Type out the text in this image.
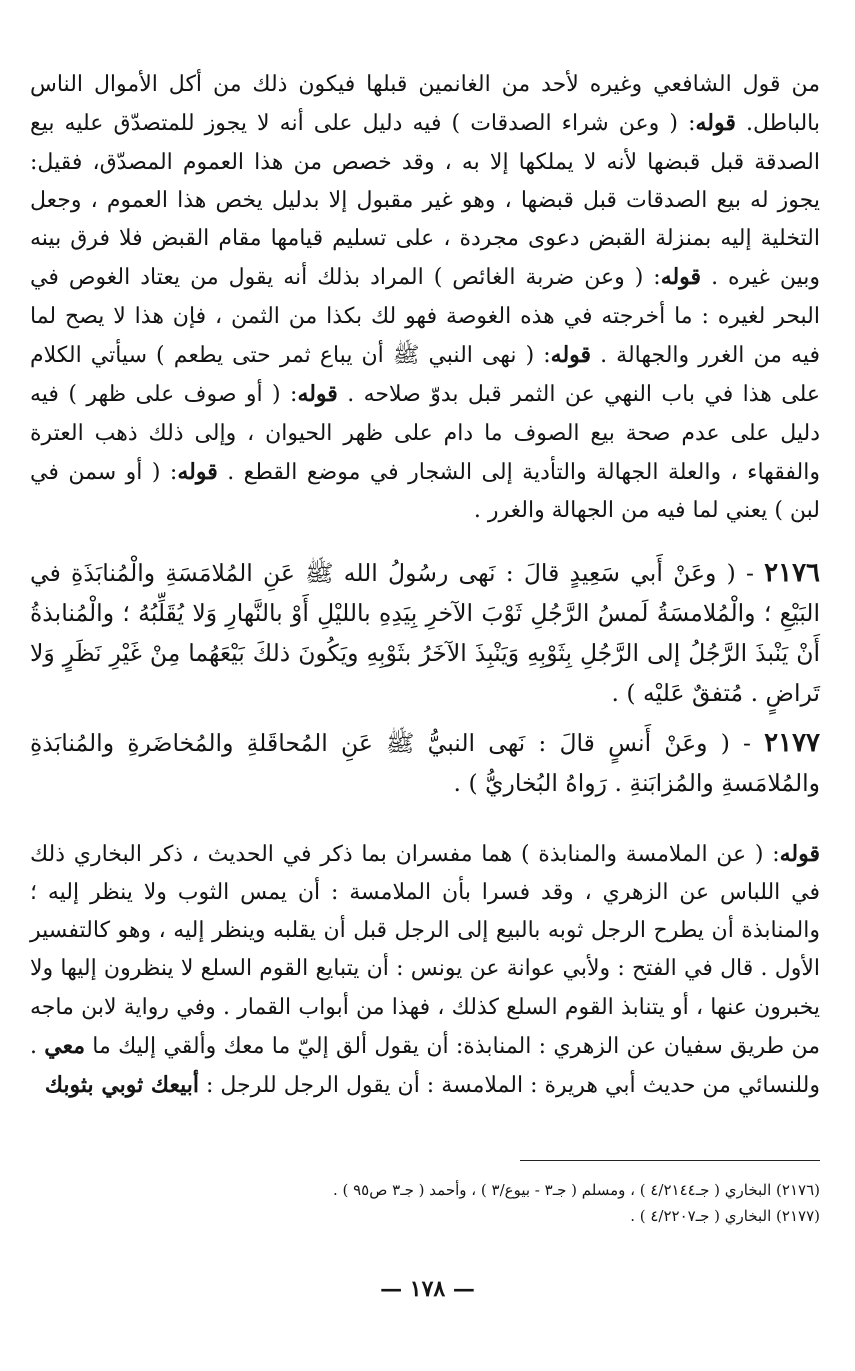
من قول الشافعي وغيره لأحد من الغانمين قبلها فيكون ذلك من أكل الأموال الناس بالباطل. قوله: ( وعن شراء الصدقات ) فيه دليل على أنه لا يجوز للمتصدّق عليه بيع الصدقة قبل قبضها لأنه لا يملكها إلا به ، وقد خصص من هذا العموم المصدّق، فقيل: يجوز له بيع الصدقات قبل قبضها ، وهو غير مقبول إلا بدليل يخص هذا العموم ، وجعل التخلية إليه بمنزلة القبض دعوى مجردة ، على تسليم قيامها مقام القبض فلا فرق بينه وبين غيره . قوله: ( وعن ضربة الغائص ) المراد بذلك أنه يقول من يعتاد الغوص في البحر لغيره : ما أخرجته في هذه الغوصة فهو لك بكذا من الثمن ، فإن هذا لا يصح لما فيه من الغرر والجهالة . قوله: ( نهى النبي ﷺ أن يباع ثمر حتى يطعم ) سيأتي الكلام على هذا في باب النهي عن الثمر قبل بدوّ صلاحه . قوله: ( أو صوف على ظهر ) فيه دليل على عدم صحة بيع الصوف ما دام على ظهر الحيوان ، وإلى ذلك ذهب العترة والفقهاء ، والعلة الجهالة والتأدية إلى الشجار في موضع القطع . قوله: ( أو سمن في لبن ) يعني لما فيه من الجهالة والغرر .

٢١٧٦ - ( وعَنْ أَبي سَعِيدٍ قالَ : نَهى رسُولُ الله ﷺ عَنِ المُلامَسَةِ والْمُنابَذَةِ في البَيْعِ ؛ والْمُلامسَةُ لَمسُ الرَّجُلِ ثَوْبَ الآخرِ بِيَدِهِ بالليْلِ أَوْ بالنَّهارِ وَلا يُقَلِّبُهُ ؛ والْمُنابذةُ أَنْ يَنْبذَ الرَّجُلُ إلى الرَّجُلِ بِثَوْبِهِ وَيَنْبِذَ الآخَرُ بثَوْبِهِ ويَكُونَ ذلكَ بَيْعَهُما مِنْ غَيْرِ نَظَرٍ وَلا تَراضٍ . مُتفقٌ عَليْه ) .

٢١٧٧ - ( وعَنْ أَنسٍ قالَ : نَهى النبيُّ ﷺ عَنِ المُحاقَلةِ والمُخاضَرةِ والمُنابَذةِ والمُلامَسةِ والمُزابَنةِ . رَواهُ البُخاريُّ ) .

قوله: ( عن الملامسة والمنابذة ) هما مفسران بما ذكر في الحديث ، ذكر البخاري ذلك في اللباس عن الزهري ، وقد فسرا بأن الملامسة : أن يمس الثوب ولا ينظر إليه ؛ والمنابذة أن يطرح الرجل ثوبه بالبيع إلى الرجل قبل أن يقلبه وينظر إليه ، وهو كالتفسير الأول . قال في الفتح : ولأبي عوانة عن يونس : أن يتبايع القوم السلع لا ينظرون إليها ولا يخبرون عنها ، أو يتنابذ القوم السلع كذلك ، فهذا من أبواب القمار . وفي رواية لابن ماجه من طريق سفيان عن الزهري : المنابذة: أن يقول ألق إليّ ما معك وألقي إليك ما معي . وللنسائي من حديث أبي هريرة : الملامسة : أن يقول الرجل للرجل : أبيعك ثوبي بثوبك

(٢١٧٦) البخاري ( جـ٤/٢١٤٤ ) ، ومسلم ( جـ٣ - بيوع/٣ ) ، وأحمد ( جـ٣ ص٩٥ ) .

(٢١٧٧) البخاري ( جـ٤/٢٢٠٧ ) .

— ١٧٨ —
